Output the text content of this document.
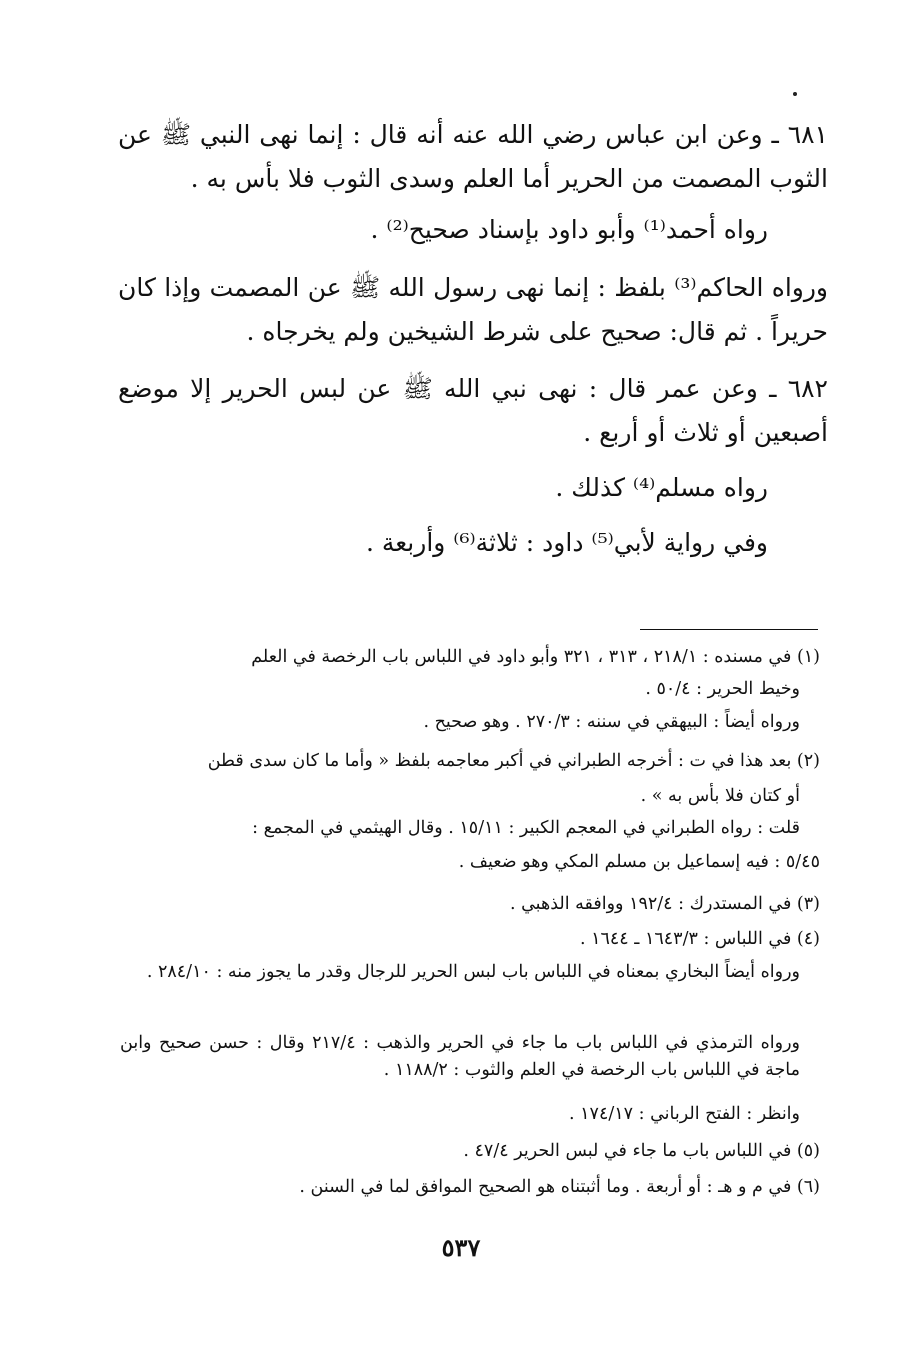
٦٨١ ـ وعن ابن عباس رضي الله عنه أنه قال : إنما نهى النبي ﷺ عن الثوب المصمت من الحرير أما العلم وسدى الثوب فلا بأس به .

رواه أحمد⁽¹⁾ وأبو داود بإسناد صحيح⁽²⁾ .

ورواه الحاكم⁽³⁾ بلفظ : إنما نهى رسول الله ﷺ عن المصمت وإذا كان حريراً . ثم قال: صحيح على شرط الشيخين ولم يخرجاه .

٦٨٢ ـ وعن عمر قال : نهى نبي الله ﷺ عن لبس الحرير إلا موضع أصبعين أو ثلاث أو أربع .

رواه مسلم⁽⁴⁾ كذلك .

وفي رواية لأبي⁽⁵⁾ داود : ثلاثة⁽⁶⁾ وأربعة .

(١) في مسنده : ٢١٨/١ ، ٣١٣ ، ٣٢١ وأبو داود في اللباس باب الرخصة في العلم
وخيط الحرير : ٥٠/٤ .
ورواه أيضاً : البيهقي في سننه : ٢٧٠/٣ . وهو صحيح .
(٢) بعد هذا في ت : أخرجه الطبراني في أكبر معاجمه بلفظ « وأما ما كان سدى قطن
أو كتان فلا بأس به » .
قلت : رواه الطبراني في المعجم الكبير : ١٥/١١ . وقال الهيثمي في المجمع :
٥/٤٥ : فيه إسماعيل بن مسلم المكي وهو ضعيف .
(٣) في المستدرك : ١٩٢/٤ ووافقه الذهبي .
(٤) في اللباس : ١٦٤٣/٣ ـ ١٦٤٤ .
ورواه أيضاً البخاري بمعناه في اللباس باب لبس الحرير للرجال وقدر ما يجوز منه : ٢٨٤/١٠ .
ورواه الترمذي في اللباس باب ما جاء في الحرير والذهب : ٢١٧/٤ وقال : حسن صحيح وابن ماجة في اللباس باب الرخصة في العلم والثوب : ١١٨٨/٢ .
وانظر : الفتح الرباني : ١٧٤/١٧ .
(٥) في اللباس باب ما جاء في لبس الحرير ٤٧/٤ .
(٦) في م و هـ : أو أربعة . وما أثبتناه هو الصحيح الموافق لما في السنن .
٥٣٧
